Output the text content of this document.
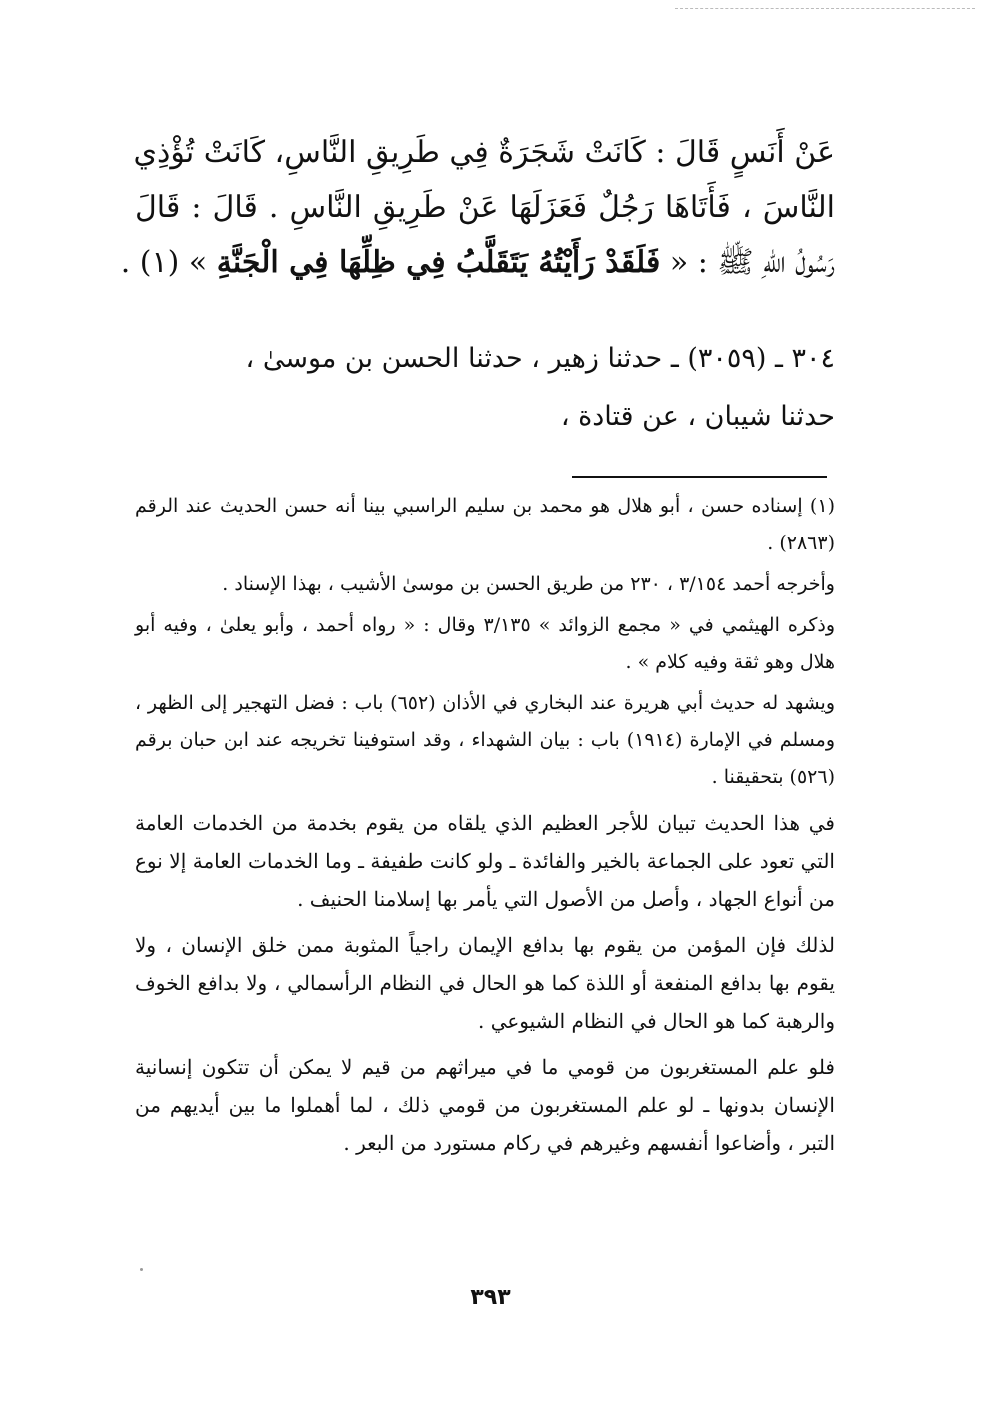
عَنْ أَنَسٍ قَالَ : كَانَتْ شَجَرَةٌ فِي طَرِيقِ النَّاسِ، كَانَتْ تُؤْذِي
النَّاسَ ، فَأَتَاهَا رَجُلٌ فَعَزَلَهَا عَنْ طَرِيقِ النَّاسِ . قَالَ : قَالَ
رَسُولُ اللهِ ﷺ : « فَلَقَدْ رَأَيْتُهُ يَتَقَلَّبُ فِي ظِلِّهَا فِي الْجَنَّةِ » (١) .
٣٠٤ ـ (٣٠٥٩) ـ حدثنا زهير ، حدثنا الحسن بن موسىٰ ،
حدثنا شيبان ، عن قتادة ،

(١) إسناده حسن ، أبو هلال هو محمد بن سليم الراسبي بينا أنه حسن الحديث عند الرقم (٢٨٦٣) .

وأخرجه أحمد ٣/١٥٤ ، ٢٣٠ من طريق الحسن بن موسىٰ الأشيب ، بهذا الإسناد .

وذكره الهيثمي في « مجمع الزوائد » ٣/١٣٥ وقال : « رواه أحمد ، وأبو يعلىٰ ، وفيه أبو هلال وهو ثقة وفيه كلام » .

ويشهد له حديث أبي هريرة عند البخاري في الأذان (٦٥٢) باب : فضل التهجير إلى الظهر ، ومسلم في الإمارة (١٩١٤) باب : بيان الشهداء ، وقد استوفينا تخريجه عند ابن حبان برقم (٥٢٦) بتحقيقنا .

في هذا الحديث تبيان للأجر العظيم الذي يلقاه من يقوم بخدمة من الخدمات العامة التي تعود على الجماعة بالخير والفائدة ـ ولو كانت طفيفة ـ وما الخدمات العامة إلا نوع من أنواع الجهاد ، وأصل من الأصول التي يأمر بها إسلامنا الحنيف .

لذلك فإن المؤمن من يقوم بها بدافع الإيمان راجياً المثوبة ممن خلق الإنسان ، ولا يقوم بها بدافع المنفعة أو اللذة كما هو الحال في النظام الرأسمالي ، ولا بدافع الخوف والرهبة كما هو الحال في النظام الشيوعي .

فلو علم المستغربون من قومي ما في ميراثهم من قيم لا يمكن أن تتكون إنسانية الإنسان بدونها ـ لو علم المستغربون من قومي ذلك ، لما أهملوا ما بين أيديهم من التبر ، وأضاعوا أنفسهم وغيرهم في ركام مستورد من البعر .

٣٩٣
